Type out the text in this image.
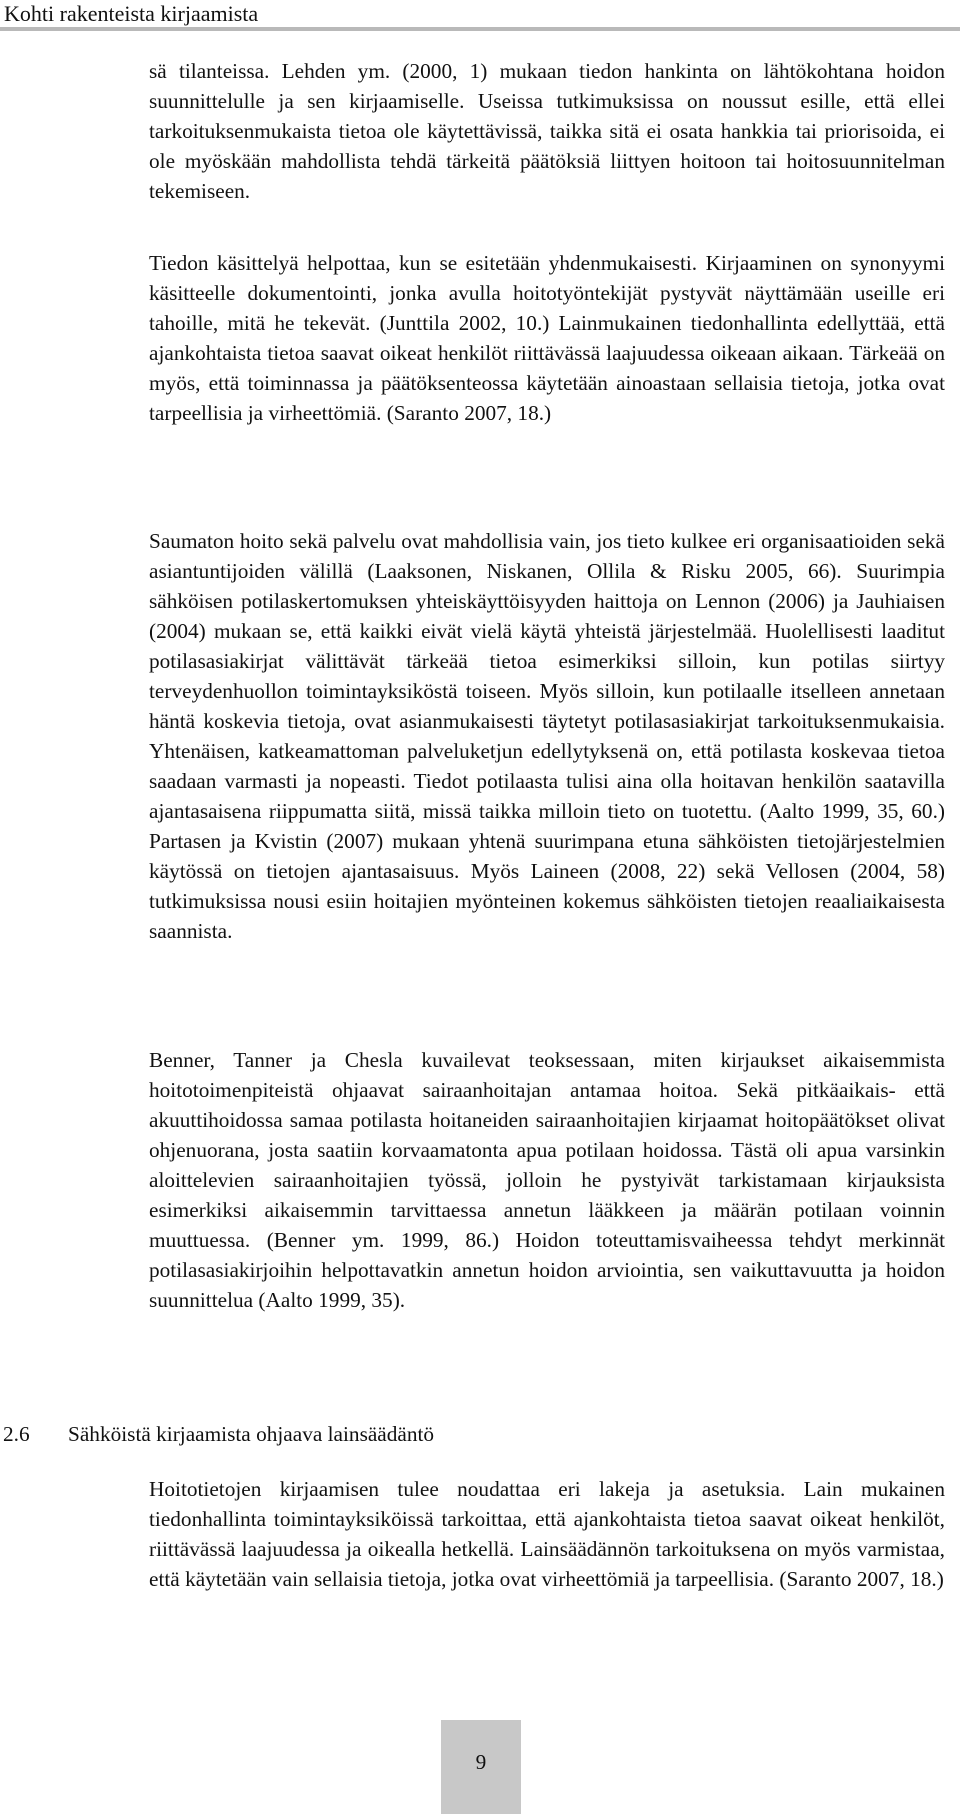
Kohti rakenteista kirjaamista

sä tilanteissa. Lehden ym. (2000, 1) mukaan tiedon hankinta on lähtökohtana hoidon suunnittelulle ja sen kirjaamiselle. Useissa tutkimuksissa on noussut esille, että ellei tarkoituksenmukaista tietoa ole käytettävissä, taikka sitä ei osata hankkia tai priorisoida, ei ole myöskään mahdollista tehdä tärkeitä päätöksiä liittyen hoitoon tai hoitosuunnitelman tekemiseen.

Tiedon käsittelyä helpottaa, kun se esitetään yhdenmukaisesti. Kirjaaminen on synonyymi käsitteelle dokumentointi, jonka avulla hoitotyöntekijät pystyvät näyttämään useille eri tahoille, mitä he tekevät. (Junttila 2002, 10.) Lainmukainen tiedonhallinta edellyttää, että ajankohtaista tietoa saavat oikeat henkilöt riittävässä laajuudessa oikeaan aikaan. Tärkeää on myös, että toiminnassa ja päätöksenteossa käytetään ainoastaan sellaisia tietoja, jotka ovat tarpeellisia ja virheettömiä. (Saranto 2007, 18.)

Saumaton hoito sekä palvelu ovat mahdollisia vain, jos tieto kulkee eri organisaatioiden sekä asiantuntijoiden välillä (Laaksonen, Niskanen, Ollila & Risku 2005, 66). Suurimpia sähköisen potilaskertomuksen yhteiskäyttöisyyden haittoja on Lennon (2006) ja Jauhiaisen (2004) mukaan se, että kaikki eivät vielä käytä yhteistä järjestelmää. Huolellisesti laaditut potilasasiakirjat välittävät tärkeää tietoa esimerkiksi silloin, kun potilas siirtyy terveydenhuollon toimintayksiköstä toiseen. Myös silloin, kun potilaalle itselleen annetaan häntä koskevia tietoja, ovat asianmukaisesti täytetyt potilasasiakirjat tarkoituksenmukaisia. Yhtenäisen, katkeamattoman palveluketjun edellytyksenä on, että potilasta koskevaa tietoa saadaan varmasti ja nopeasti. Tiedot potilaasta tulisi aina olla hoitavan henkilön saatavilla ajantasaisena riippumatta siitä, missä taikka milloin tieto on tuotettu. (Aalto 1999, 35, 60.) Partasen ja Kvistin (2007) mukaan yhtenä suurimpana etuna sähköisten tietojärjestelmien käytössä on tietojen ajantasaisuus. Myös Laineen (2008, 22) sekä Vellosen (2004, 58) tutkimuksissa nousi esiin hoitajien myönteinen kokemus sähköisten tietojen reaaliaikaisesta saannista.

Benner, Tanner ja Chesla kuvailevat teoksessaan, miten kirjaukset aikaisemmista hoitotoimenpiteistä ohjaavat sairaanhoitajan antamaa hoitoa. Sekä pitkäaikais- että akuuttihoidossa samaa potilasta hoitaneiden sairaanhoitajien kirjaamat hoitopäätökset olivat ohjenuorana, josta saatiin korvaamatonta apua potilaan hoidossa. Tästä oli apua varsinkin aloittelevien sairaanhoitajien työssä, jolloin he pystyivät tarkistamaan kirjauksista esimerkiksi aikaisemmin tarvittaessa annetun lääkkeen ja määrän potilaan voinnin muuttuessa. (Benner ym. 1999, 86.) Hoidon toteuttamisvaiheessa tehdyt merkinnät potilasasiakirjoihin helpottavatkin annetun hoidon arviointia, sen vaikuttavuutta ja hoidon suunnittelua (Aalto 1999, 35).

2.6 Sähköistä kirjaamista ohjaava lainsäädäntö

Hoitotietojen kirjaamisen tulee noudattaa eri lakeja ja asetuksia. Lain mukainen tiedonhallinta toimintayksiköissä tarkoittaa, että ajankohtaista tietoa saavat oikeat henkilöt, riittävässä laajuudessa ja oikealla hetkellä. Lainsäädännön tarkoituksena on myös varmistaa, että käytetään vain sellaisia tietoja, jotka ovat virheettömiä ja tarpeellisia. (Saranto 2007, 18.)

9
